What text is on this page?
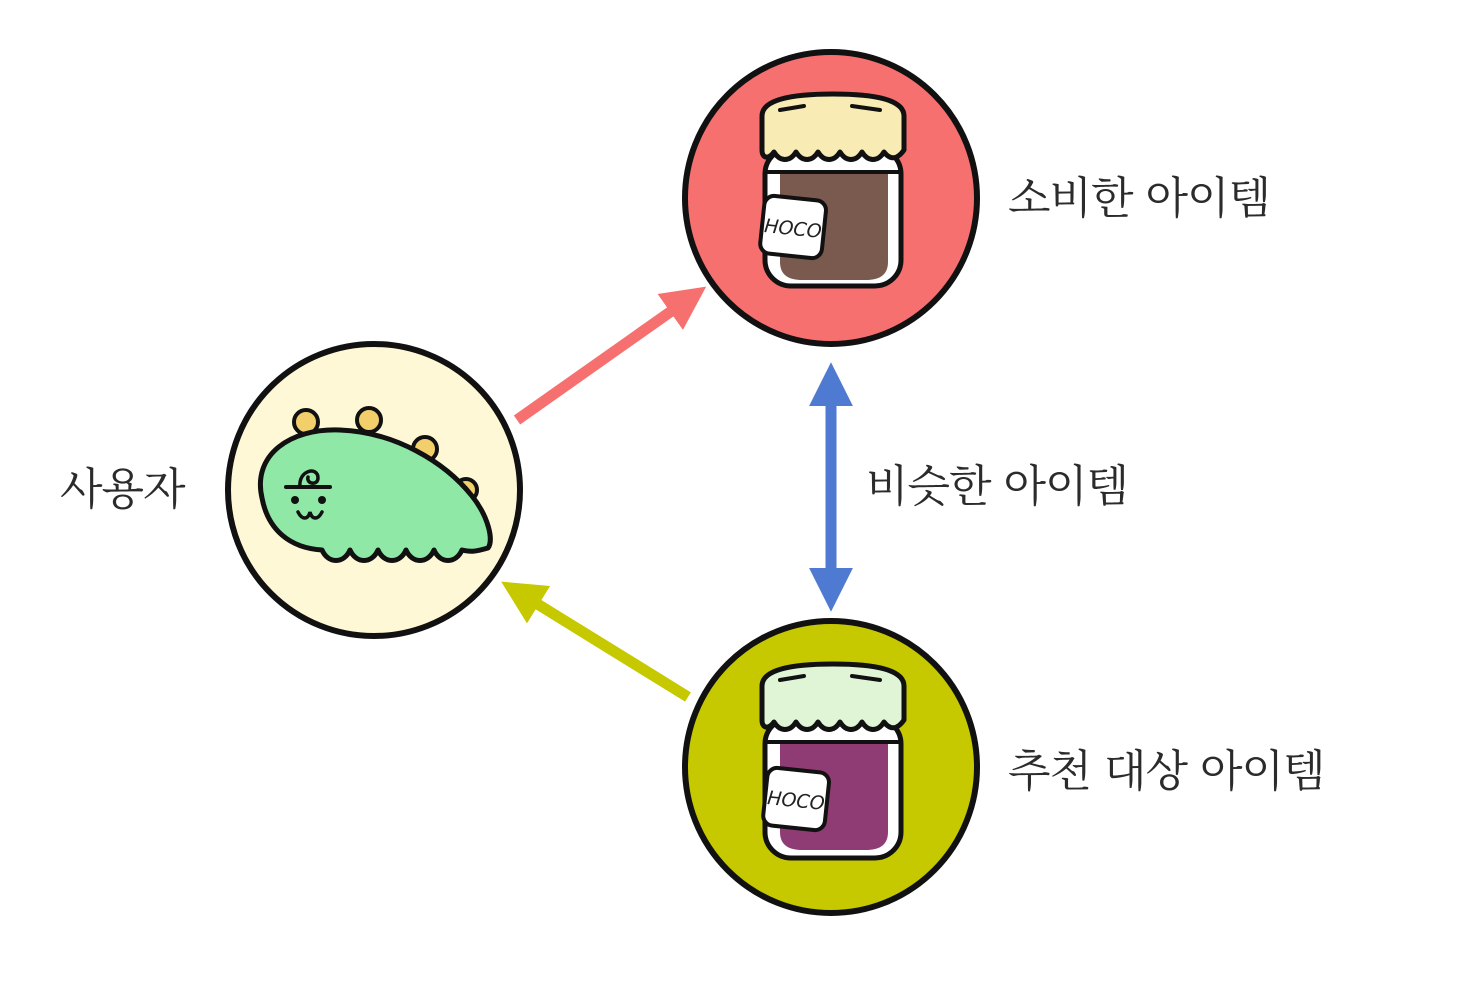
HOCO
HOCO
사용자
소비한 아이템
비슷한 아이템
추천 대상 아이템
